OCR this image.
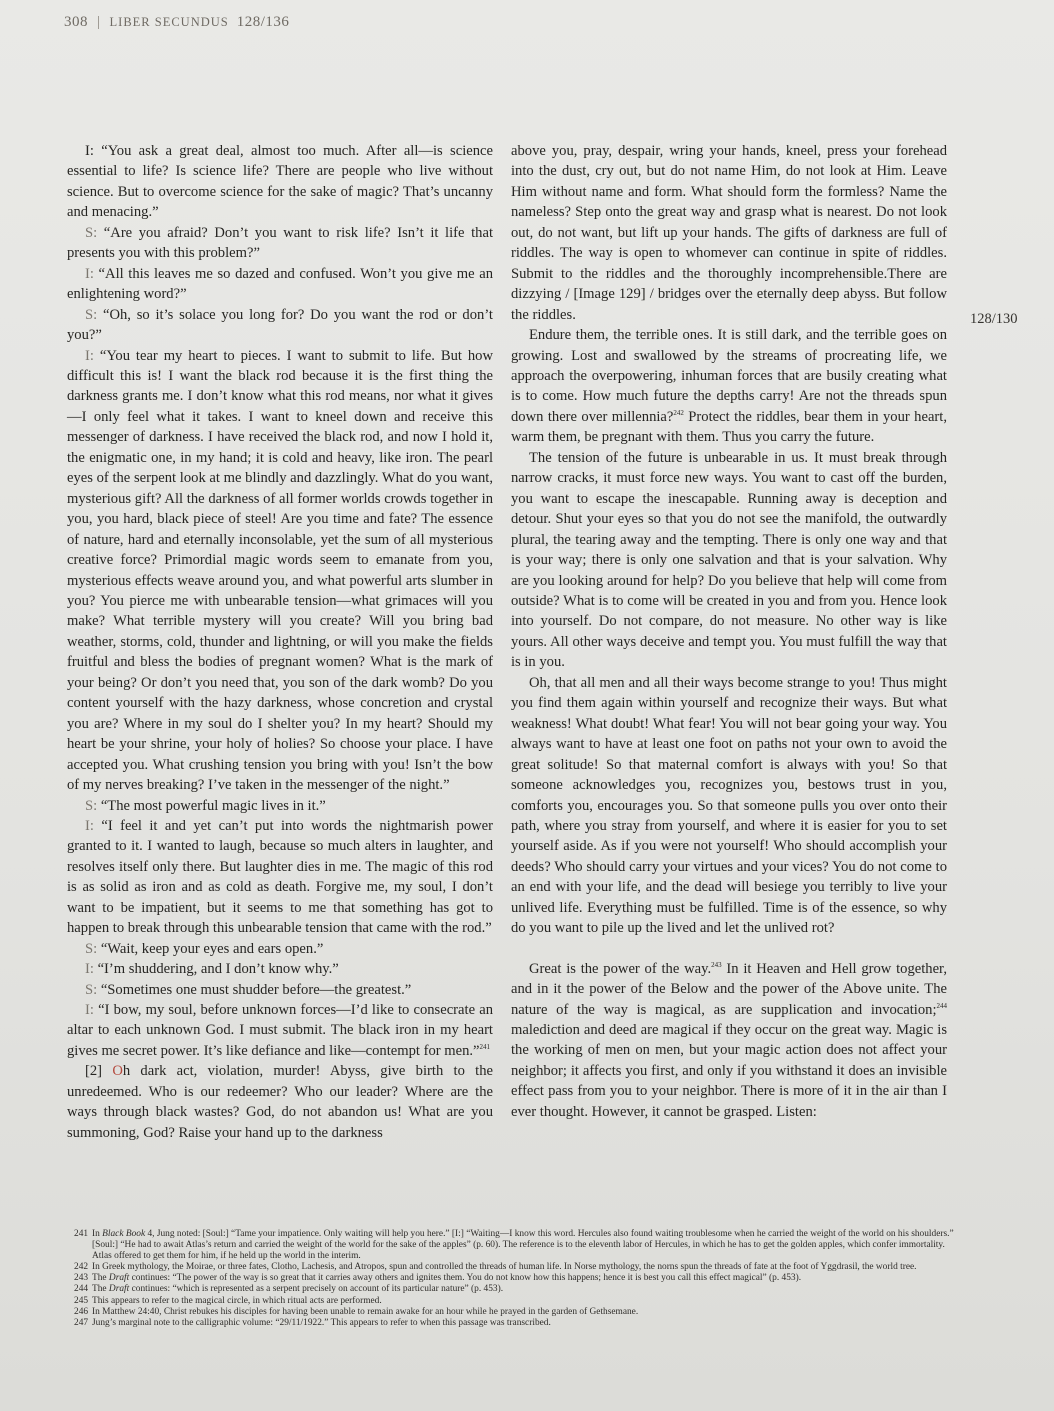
308 | LIBER SECUNDUS 128/136

I: “You ask a great deal, almost too much. After all—is science essential to life? Is science life? There are people who live without science. But to overcome science for the sake of magic? That’s uncanny and menacing.”

S: “Are you afraid? Don’t you want to risk life? Isn’t it life that presents you with this problem?”

I: “All this leaves me so dazed and confused. Won’t you give me an enlightening word?”

S: “Oh, so it’s solace you long for? Do you want the rod or don’t you?”

I: “You tear my heart to pieces. I want to submit to life. But how difficult this is! I want the black rod because it is the first thing the darkness grants me. I don’t know what this rod means, nor what it gives—I only feel what it takes. I want to kneel down and receive this messenger of darkness. I have received the black rod, and now I hold it, the enigmatic one, in my hand; it is cold and heavy, like iron. The pearl eyes of the serpent look at me blindly and dazzlingly. What do you want, mysterious gift? All the darkness of all former worlds crowds together in you, you hard, black piece of steel! Are you time and fate? The essence of nature, hard and eternally inconsolable, yet the sum of all mysterious creative force? Primordial magic words seem to emanate from you, mysterious effects weave around you, and what powerful arts slumber in you? You pierce me with unbearable tension—what grimaces will you make? What terrible mystery will you create? Will you bring bad weather, storms, cold, thunder and lightning, or will you make the fields fruitful and bless the bodies of pregnant women? What is the mark of your being? Or don’t you need that, you son of the dark womb? Do you content yourself with the hazy darkness, whose concretion and crystal you are? Where in my soul do I shelter you? In my heart? Should my heart be your shrine, your holy of holies? So choose your place. I have accepted you. What crushing tension you bring with you! Isn’t the bow of my nerves breaking? I’ve taken in the messenger of the night.”

S: “The most powerful magic lives in it.”

I: “I feel it and yet can’t put into words the nightmarish power granted to it. I wanted to laugh, because so much alters in laughter, and resolves itself only there. But laughter dies in me. The magic of this rod is as solid as iron and as cold as death. Forgive me, my soul, I don’t want to be impatient, but it seems to me that something has got to happen to break through this unbearable tension that came with the rod.”

S: “Wait, keep your eyes and ears open.”

I: “I’m shuddering, and I don’t know why.”

S: “Sometimes one must shudder before—the greatest.”

I: “I bow, my soul, before unknown forces—I’d like to consecrate an altar to each unknown God. I must submit. The black iron in my heart gives me secret power. It’s like defiance and like—contempt for men.”$^{241}$

[2] Oh dark act, violation, murder! Abyss, give birth to the unredeemed. Who is our redeemer? Who our leader? Where are the ways through black wastes? God, do not abandon us! What are you summoning, God? Raise your hand up to the darkness

above you, pray, despair, wring your hands, kneel, press your forehead into the dust, cry out, but do not name Him, do not look at Him. Leave Him without name and form. What should form the formless? Name the nameless? Step onto the great way and grasp what is nearest. Do not look out, do not want, but lift up your hands. The gifts of darkness are full of riddles. The way is open to whomever can continue in spite of riddles. Submit to the riddles and the thoroughly incomprehensible.There are dizzying / [Image 129] / bridges over the eternally deep abyss. But follow the riddles.

Endure them, the terrible ones. It is still dark, and the terrible goes on growing. Lost and swallowed by the streams of procreating life, we approach the overpowering, inhuman forces that are busily creating what is to come. How much future the depths carry! Are not the threads spun down there over millennia?$^{242}$ Protect the riddles, bear them in your heart, warm them, be pregnant with them. Thus you carry the future.

The tension of the future is unbearable in us. It must break through narrow cracks, it must force new ways. You want to cast off the burden, you want to escape the inescapable. Running away is deception and detour. Shut your eyes so that you do not see the manifold, the outwardly plural, the tearing away and the tempting. There is only one way and that is your way; there is only one salvation and that is your salvation. Why are you looking around for help? Do you believe that help will come from outside? What is to come will be created in you and from you. Hence look into yourself. Do not compare, do not measure. No other way is like yours. All other ways deceive and tempt you. You must fulfill the way that is in you.

Oh, that all men and all their ways become strange to you! Thus might you find them again within yourself and recognize their ways. But what weakness! What doubt! What fear! You will not bear going your way. You always want to have at least one foot on paths not your own to avoid the great solitude! So that maternal comfort is always with you! So that someone acknowledges you, recognizes you, bestows trust in you, comforts you, encourages you. So that someone pulls you over onto their path, where you stray from yourself, and where it is easier for you to set yourself aside. As if you were not yourself! Who should accomplish your deeds? Who should carry your virtues and your vices? You do not come to an end with your life, and the dead will besiege you terribly to live your unlived life. Everything must be fulfilled. Time is of the essence, so why do you want to pile up the lived and let the unlived rot?

Great is the power of the way.$^{243}$ In it Heaven and Hell grow together, and in it the power of the Below and the power of the Above unite. The nature of the way is magical, as are supplication and invocation;$^{244}$ malediction and deed are magical if they occur on the great way. Magic is the working of men on men, but your magic action does not affect your neighbor; it affects you first, and only if you withstand it does an invisible effect pass from you to your neighbor. There is more of it in the air than I ever thought. However, it cannot be grasped. Listen:

128/130

241 In Black Book 4, Jung noted: [Soul:] “Tame your impatience. Only waiting will help you here.” [I:] “Waiting—I know this word. Hercules also found waiting troublesome when he carried the weight of the world on his shoulders.” [Soul:] “He had to await Atlas’s return and carried the weight of the world for the sake of the apples” (p. 60). The reference is to the eleventh labor of Hercules, in which he has to get the golden apples, which confer immortality. Atlas offered to get them for him, if he held up the world in the interim.

242 In Greek mythology, the Moirae, or three fates, Clotho, Lachesis, and Atropos, spun and controlled the threads of human life. In Norse mythology, the norns spun the threads of fate at the foot of Yggdrasil, the world tree.

243 The Draft continues: “The power of the way is so great that it carries away others and ignites them. You do not know how this happens; hence it is best you call this effect magical” (p. 453).

244 The Draft continues: “which is represented as a serpent precisely on account of its particular nature” (p. 453).

245 This appears to refer to the magical circle, in which ritual acts are performed.

246 In Matthew 24:40, Christ rebukes his disciples for having been unable to remain awake for an hour while he prayed in the garden of Gethsemane.

247 Jung’s marginal note to the calligraphic volume: “29/11/1922.” This appears to refer to when this passage was transcribed.
